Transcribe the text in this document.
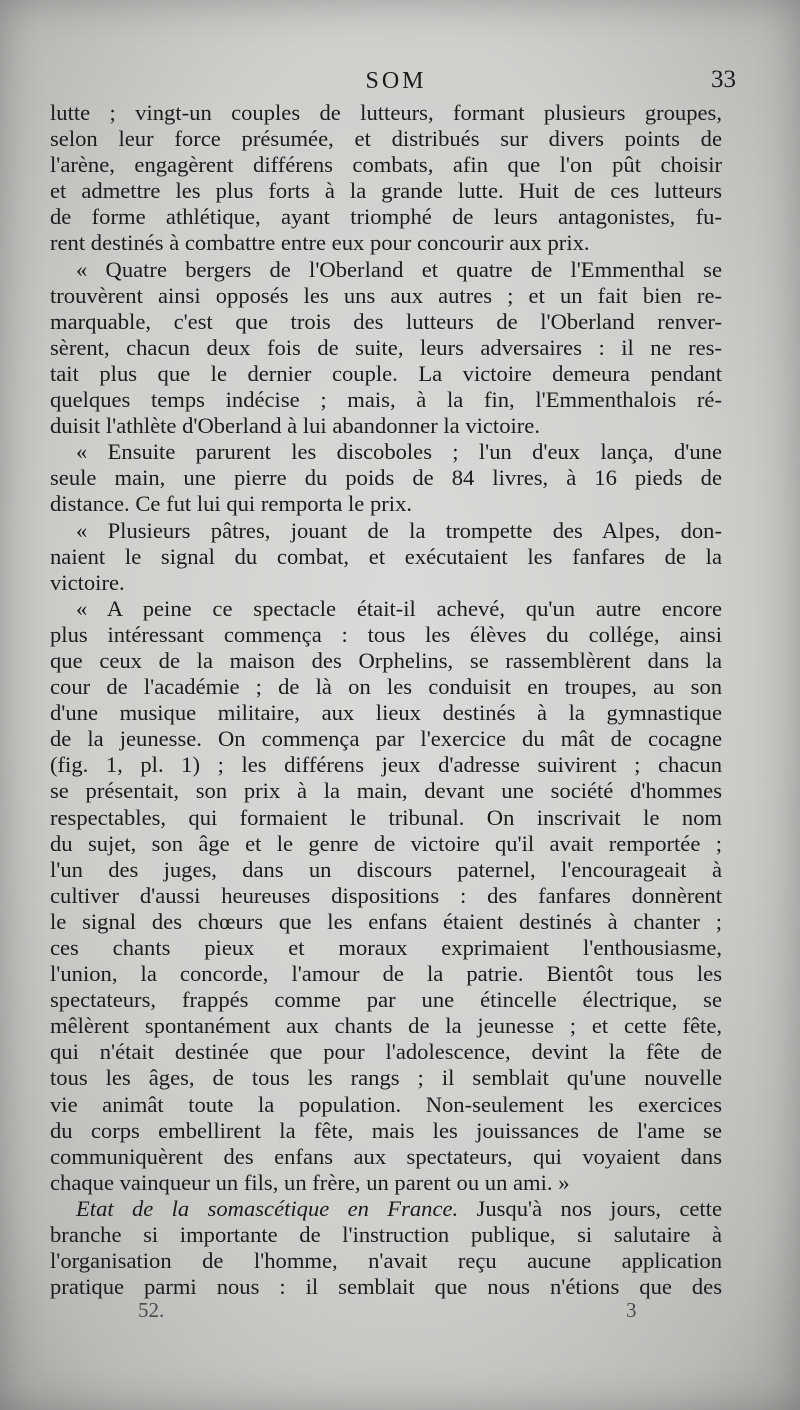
SOM	33
lutte ; vingt-un couples de lutteurs, formant plusieurs groupes,
selon leur force présumée, et distribués sur divers points de
l'arène, engagèrent différens combats, afin que l'on pût choisir
et admettre les plus forts à la grande lutte. Huit de ces lutteurs
de forme athlétique, ayant triomphé de leurs antagonistes, fu-
rent destinés à combattre entre eux pour concourir aux prix.
« Quatre bergers de l'Oberland et quatre de l'Emmenthal se
trouvèrent ainsi opposés les uns aux autres ; et un fait bien re-
marquable, c'est que trois des lutteurs de l'Oberland renver-
sèrent, chacun deux fois de suite, leurs adversaires : il ne res-
tait plus que le dernier couple. La victoire demeura pendant
quelques temps indécise ; mais, à la fin, l'Emmenthalois ré-
duisit l'athlète d'Oberland à lui abandonner la victoire.
« Ensuite parurent les discoboles ; l'un d'eux lança, d'une
seule main, une pierre du poids de 84 livres, à 16 pieds de
distance. Ce fut lui qui remporta le prix.
« Plusieurs pâtres, jouant de la trompette des Alpes, don-
naient le signal du combat, et exécutaient les fanfares de la
victoire.
« A peine ce spectacle était-il achevé, qu'un autre encore
plus intéressant commença : tous les élèves du collége, ainsi
que ceux de la maison des Orphelins, se rassemblèrent dans la
cour de l'académie ; de là on les conduisit en troupes, au son
d'une musique militaire, aux lieux destinés à la gymnastique
de la jeunesse. On commença par l'exercice du mât de cocagne
(fig. 1, pl. 1) ; les différens jeux d'adresse suivirent ; chacun
se présentait, son prix à la main, devant une société d'hommes
respectables, qui formaient le tribunal. On inscrivait le nom
du sujet, son âge et le genre de victoire qu'il avait remportée ;
l'un des juges, dans un discours paternel, l'encourageait à
cultiver d'aussi heureuses dispositions : des fanfares donnèrent
le signal des chœurs que les enfans étaient destinés à chanter ;
ces chants pieux et moraux exprimaient l'enthousiasme,
l'union, la concorde, l'amour de la patrie. Bientôt tous les
spectateurs, frappés comme par une étincelle électrique, se
mêlèrent spontanément aux chants de la jeunesse ; et cette fête,
qui n'était destinée que pour l'adolescence, devint la fête de
tous les âges, de tous les rangs ; il semblait qu'une nouvelle
vie animât toute la population. Non-seulement les exercices
du corps embellirent la fête, mais les jouissances de l'ame se
communiquèrent des enfans aux spectateurs, qui voyaient dans
chaque vainqueur un fils, un frère, un parent ou un ami. »
Etat de la somascétique en France. Jusqu'à nos jours, cette
branche si importante de l'instruction publique, si salutaire à
l'organisation de l'homme, n'avait reçu aucune application
pratique parmi nous : il semblait que nous n'étions que des
52.	3
